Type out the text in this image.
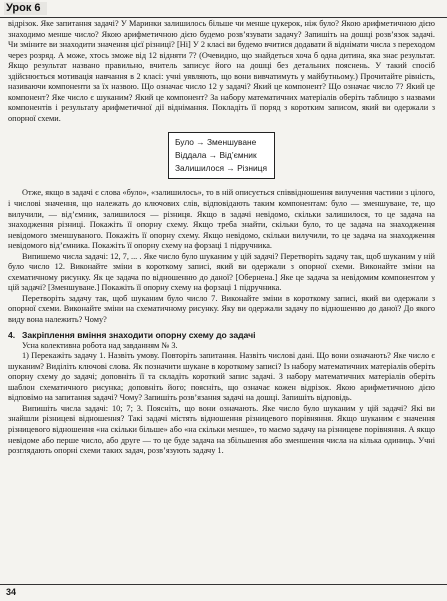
Урок 6

відрізок. Яке запитання задачі? У Маринки залишилось більше чи менше цукерок, ніж було? Якою арифметичною дією знаходимо менше число? Якою арифметичною дією будемо розв’язувати задачу? Запишіть на дошці розв’язок задачі. Чи зміните ви знаходити значення цієї різниці? [Ні] У 2 класі ви будемо вчитися додавати й віднімати числа з переходом через розряд. А може, хтось зможе від 12 відняти 7? (Очевидно, що знайдеться хоча б одна дитина, яка знає результат. Якщо результат названо правильно, вчитель записує його на дошці без детальних пояснень. У такий спосіб здійснюється мотивація навчання в 2 класі: учні уявляють, що вони вивчатимуть у майбутньому.) Прочитайте рівність, називаючи компоненти за їх назвою. Що означає число 12 у задачі? Який це компонент? Що означає число 7? Який це компонент? Яке число є шуканим? Який це компонент? За набору математичних матеріалів оберіть таблицю з назвами компонентів і результату арифметичної дії віднімання. Покладіть її поряд з коротким записом, який ви одержали з опорної схеми.

Було → Зменшуване
Віддала → Від’ємник
Залишилося → Різниця

Отже, якщо в задачі є слова «було», «залишилось», то в ній описується співвідношення вилучення частини з цілого, і числові значення, що належать до ключових слів, відповідають таким компонентам: було — зменшуване, те, що вилучили, — від’ємник, залишилося — різниця. Якщо в задачі невідомо, скільки залишилося, то це задача на знаходження різниці. Покажіть її опорну схему. Якщо треба знайти, скільки було, то це задача на знаходження невідомого зменшуваного. Покажіть її опорну схему. Якщо невідомо, скільки вилучили, то це задача на знаходження невідомого від’ємника. Покажіть її опорну схему на форзаці 1 підручника.

Випишемо числа задачі: 12, 7, ... . Яке число було шуканим у цій задачі? Перетворіть задачу так, щоб шуканим у ній було число 12. Виконайте зміни в короткому записі, який ви одержали з опорної схеми. Виконайте зміни на схематичному рисунку. Як це задача по відношенню до даної? [Обернена.] Яке це задача за невідомим компонентом у цій задачі? [Зменшуване.] Покажіть її опорну схему на форзаці 1 підручника.

Перетворіть задачу так, щоб шуканим було число 7. Виконайте зміни в короткому записі, який ви одержали з опорної схеми. Виконайте зміни на схематичному рисунку. Яку ви одержали задачу по відношенню до даної? До якого виду вона належить? Чому?

4. Закріплення вміння знаходити опорну схему до задачі

Усна колективна робота над завданням № 3.

1) Перекажіть задачу 1. Назвіть умову. Повторіть запитання. Назвіть числові дані. Що вони означають? Яке число є шуканим? Виділіть ключові слова. Як позначити шукане в короткому записі? Із набору математичних матеріалів оберіть опорну схему до задачі; доповніть її та складіть короткий запис задачі. З набору математичних матеріалів оберіть шаблон схематичного рисунка; доповніть його; поясніть, що означає кожен відрізок. Якою арифметичною дією відповімо на запитання задачі? Чому? Запишіть розв’язання задачі на дошці. Запишіть відповідь.

Випишіть числа задачі: 10; 7; 3. Поясніть, що вони означають. Яке число було шуканим у цій задачі? Які ви знайшли різницеві відношення? Такі задачі містять відношення різницевого порівняння. Якщо шуканим є значення різницевого відношення «на скільки більше» або «на скільки менше», то маємо задачу на різницеве порівняння. А якщо невідоме або перше число, або друге — то це буде задача на збільшення або зменшення числа на кілька одиниць. Учні розглядають опорні схеми таких задач, розв’язують задачу 1.

34
